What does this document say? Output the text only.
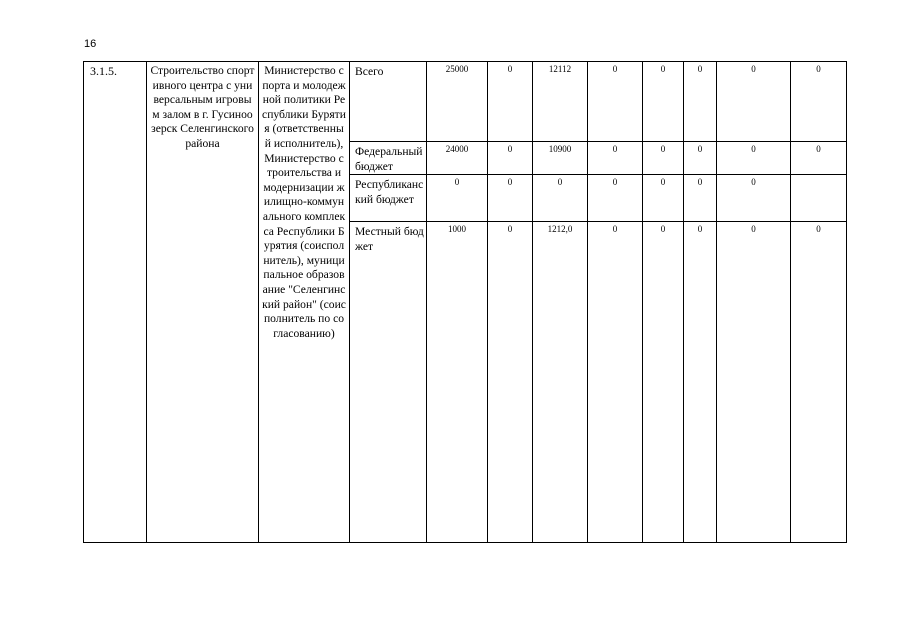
16
3.1.5.	Строительство спортивного центра с универсальным игровым залом в г. Гусиноозерск Селенгинского района	Министерство спорта и молодежной политики Республики Бурятия (ответственный исполнитель), Министерство строительства и модернизации жилищно-коммунального комплекса Республики Бурятия (соисполнитель), муниципальное образование "Селенгинский район" (соисполнитель по согласованию)	Всего	25000	0	12112	0	0	0	0	0
			Федеральный бюджет	24000	0	10900	0	0	0	0	0
			Республиканский бюджет	0	0	0	0	0	0	0	
			Местный бюджет	1000	0	1212,0	0	0	0	0	0
